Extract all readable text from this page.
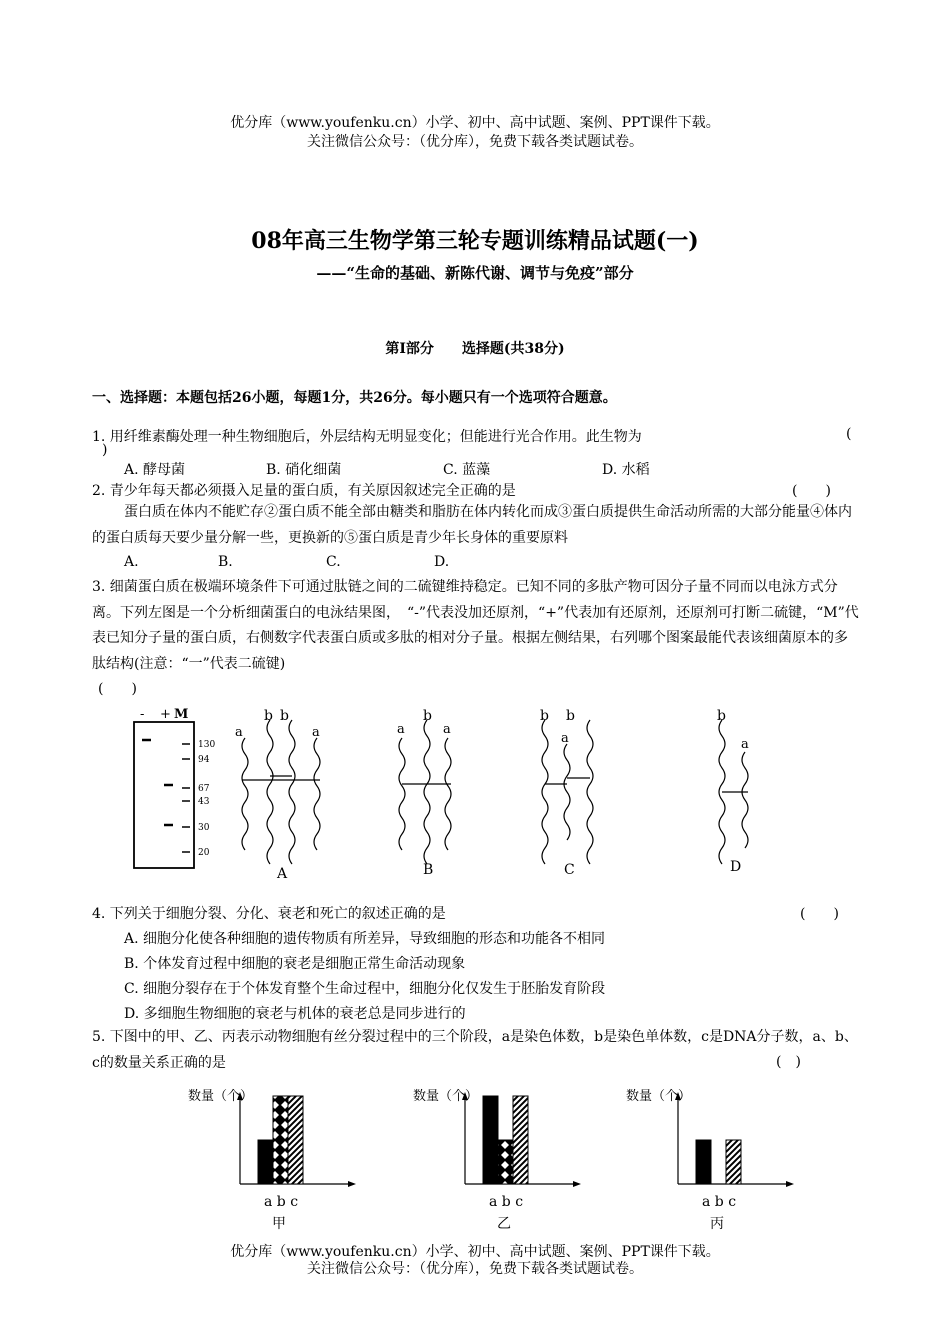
优分库（www.youfenku.cn）小学、初中、高中试题、案例、PPT课件下载。
关注微信公众号：（优分库），免费下载各类试题试卷。
08年高三生物学第三轮专题训练精品试题(一)
——“生命的基础、新陈代谢、调节与免疫”部分
第Ⅰ部分　　选择题(共38分)
一、选择题：本题包括26小题，每题1分，共26分。每小题只有一个选项符合题意。
1. 用纤维素酶处理一种生物细胞后，外层结构无明显变化；但能进行光合作用。此生物为	(
)
A. 酵母菌	B. 硝化细菌	C. 蓝藻	D. 水稻
2. 青少年每天都必须摄入足量的蛋白质，有关原因叙述完全正确的是	(　　)
蛋白质在体内不能贮存②蛋白质不能全部由糖类和脂肪在体内转化而成③蛋白质提供生命活动所需的大部分能量④体内的蛋白质每天要少量分解一些，更换新的⑤蛋白质是青少年长身体的重要原料
A.	B.	C.	D.
3. 细菌蛋白质在极端环境条件下可通过肽链之间的二硫键维持稳定。已知不同的多肽产物可因分子量不同而以电泳方式分离。下列左图是一个分析细菌蛋白的电泳结果图，　“-”代表没加还原剂，“+”代表加有还原剂，还原剂可打断二硫键，“M”代表已知分子量的蛋白质，右侧数字代表蛋白质或多肽的相对分子量。根据左侧结果，右列哪个图案最能代表该细菌原本的多肽结构(注意：“一”代表二硫键)
(　　)
- + M
130
94
67
43
30
20
a
b b
a
A
a
b
a
B
b
a
b
C
b
a
D
4. 下列关于细胞分裂、分化、衰老和死亡的叙述正确的是	(　　)
A. 细胞分化使各种细胞的遗传物质有所差异，导致细胞的形态和功能各不相同
B. 个体发育过程中细胞的衰老是细胞正常生命活动现象
C. 细胞分裂存在于个体发育整个生命过程中，细胞分化仅发生于胚胎发育阶段
D. 多细胞生物细胞的衰老与机体的衰老总是同步进行的
5. 下图中的甲、乙、丙表示动物细胞有丝分裂过程中的三个阶段，a是染色体数，b是染色单体数，c是DNA分子数，a、b、c的数量关系正确的是	(　)
数量（个）
a b c
甲
数量（个）
a b c
乙
数量（个）
a b c
丙
优分库（www.youfenku.cn）小学、初中、高中试题、案例、PPT课件下载。
关注微信公众号：（优分库），免费下载各类试题试卷。
